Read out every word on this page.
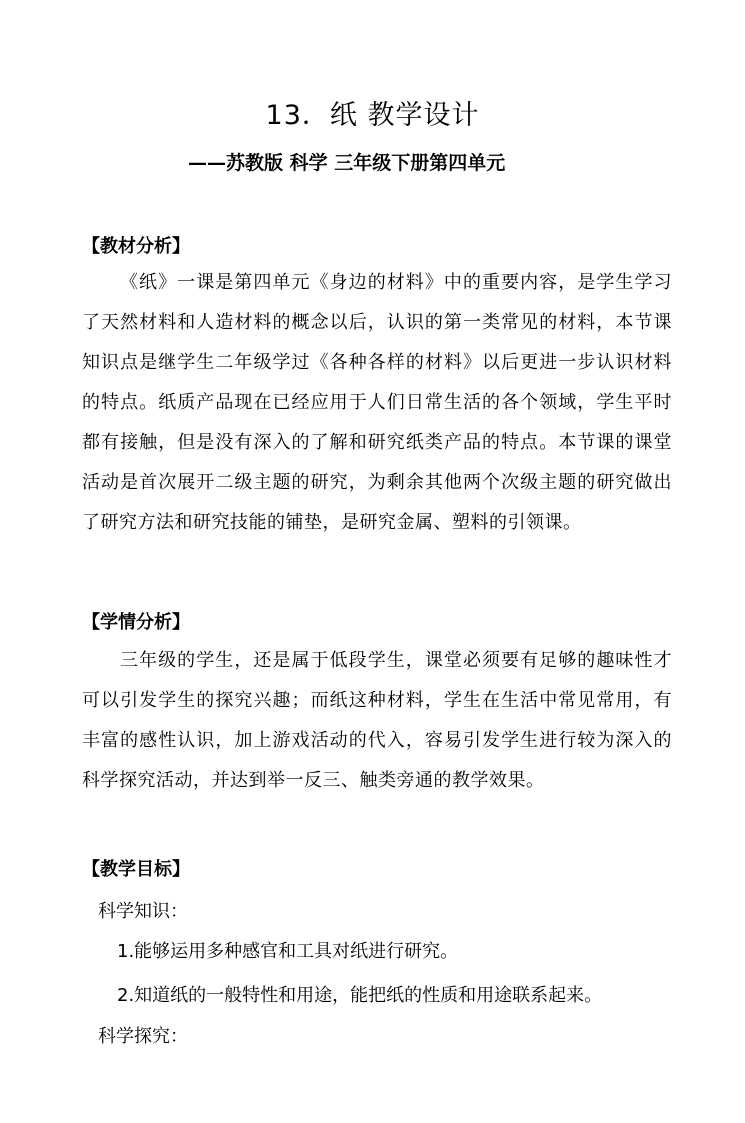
13．纸 教学设计
——苏教版 科学 三年级下册第四单元
【教材分析】
《纸》一课是第四单元《身边的材料》中的重要内容，是学生学习了天然材料和人造材料的概念以后，认识的第一类常见的材料，本节课知识点是继学生二年级学过《各种各样的材料》以后更进一步认识材料的特点。纸质产品现在已经应用于人们日常生活的各个领域，学生平时都有接触，但是没有深入的了解和研究纸类产品的特点。本节课的课堂活动是首次展开二级主题的研究，为剩余其他两个次级主题的研究做出了研究方法和研究技能的铺垫，是研究金属、塑料的引领课。
【学情分析】
三年级的学生，还是属于低段学生，课堂必须要有足够的趣味性才可以引发学生的探究兴趣；而纸这种材料，学生在生活中常见常用，有丰富的感性认识，加上游戏活动的代入，容易引发学生进行较为深入的科学探究活动，并达到举一反三、触类旁通的教学效果。
【教学目标】
科学知识：
1.能够运用多种感官和工具对纸进行研究。
2.知道纸的一般特性和用途，能把纸的性质和用途联系起来。
科学探究：
